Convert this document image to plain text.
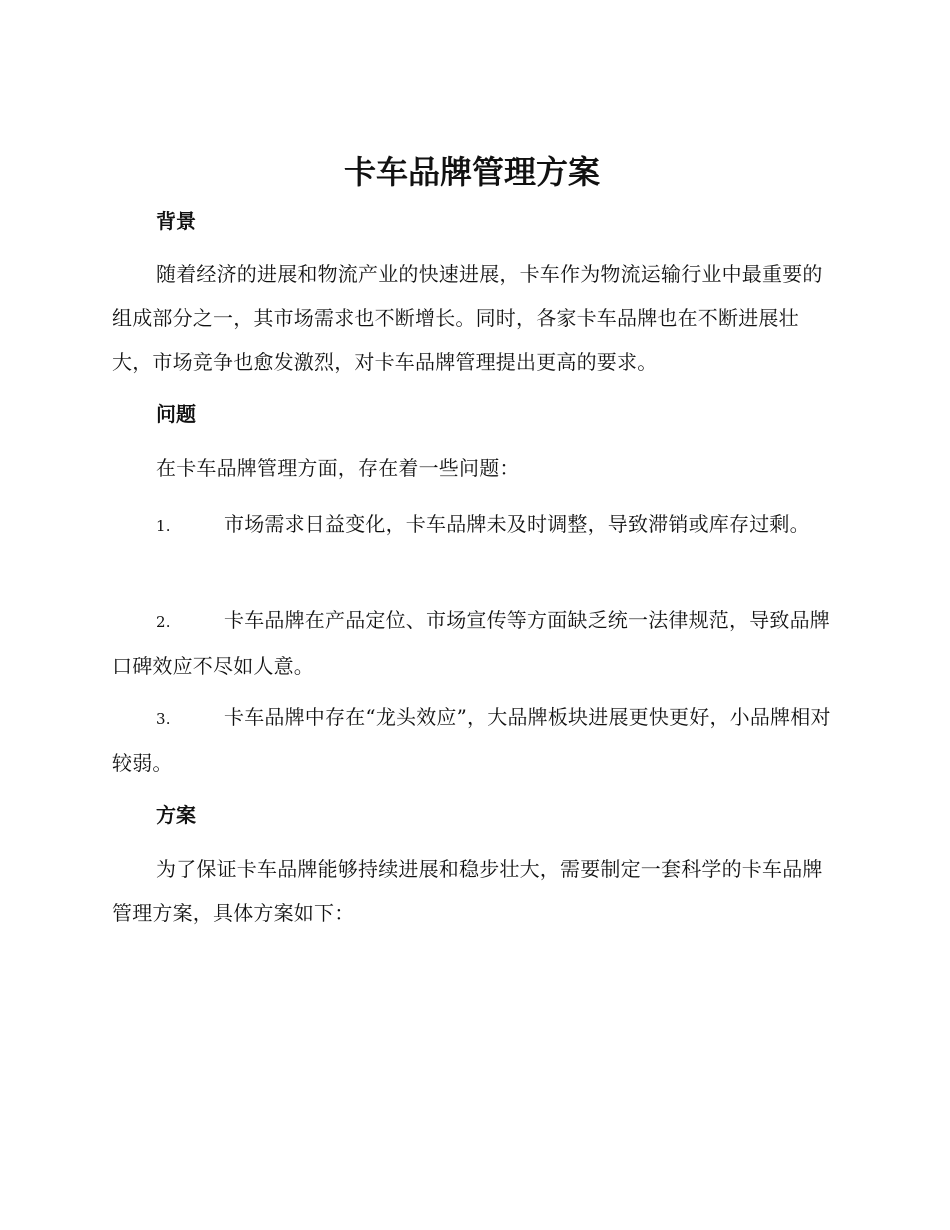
卡车品牌管理方案
背景

随着经济的进展和物流产业的快速进展，卡车作为物流运输行业中最重要的组成部分之一，其市场需求也不断增长。同时，各家卡车品牌也在不断进展壮大，市场竞争也愈发激烈，对卡车品牌管理提出更高的要求。

问题

在卡车品牌管理方面，存在着一些问题：

1.	市场需求日益变化，卡车品牌未及时调整，导致滞销或库存过剩。

2.	卡车品牌在产品定位、市场宣传等方面缺乏统一法律规范，导致品牌口碑效应不尽如人意。

3.	卡车品牌中存在“龙头效应”，大品牌板块进展更快更好，小品牌相对较弱。

方案

为了保证卡车品牌能够持续进展和稳步壮大，需要制定一套科学的卡车品牌管理方案，具体方案如下：
